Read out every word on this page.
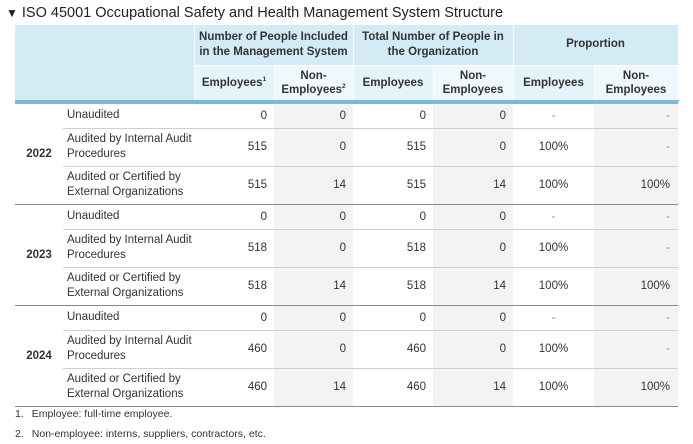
▼ ISO 45001 Occupational Safety and Health Management System Structure
		Number of People Included in the Management System		Total Number of People in the Organization		Proportion	
		Employees$^1$	Non-Employees$^2$	Employees	Non-Employees	Employees	Non-Employees

2022	Unaudited	0	0	0	0	-	-
	Audited by Internal Audit Procedures	515	0	515	0	100%	-
	Audited or Certified by External Organizations	515	14	515	14	100%	100%
2023	Unaudited	0	0	0	0	-	-
	Audited by Internal Audit Procedures	518	0	518	0	100%	-
	Audited or Certified by External Organizations	518	14	518	14	100%	100%
2024	Unaudited	0	0	0	0	-	-
	Audited by Internal Audit Procedures	460	0	460	0	100%	-
	Audited or Certified by External Organizations	460	14	460	14	100%	100%
1. Employee: full-time employee.
2. Non-employee: interns, suppliers, contractors, etc.
